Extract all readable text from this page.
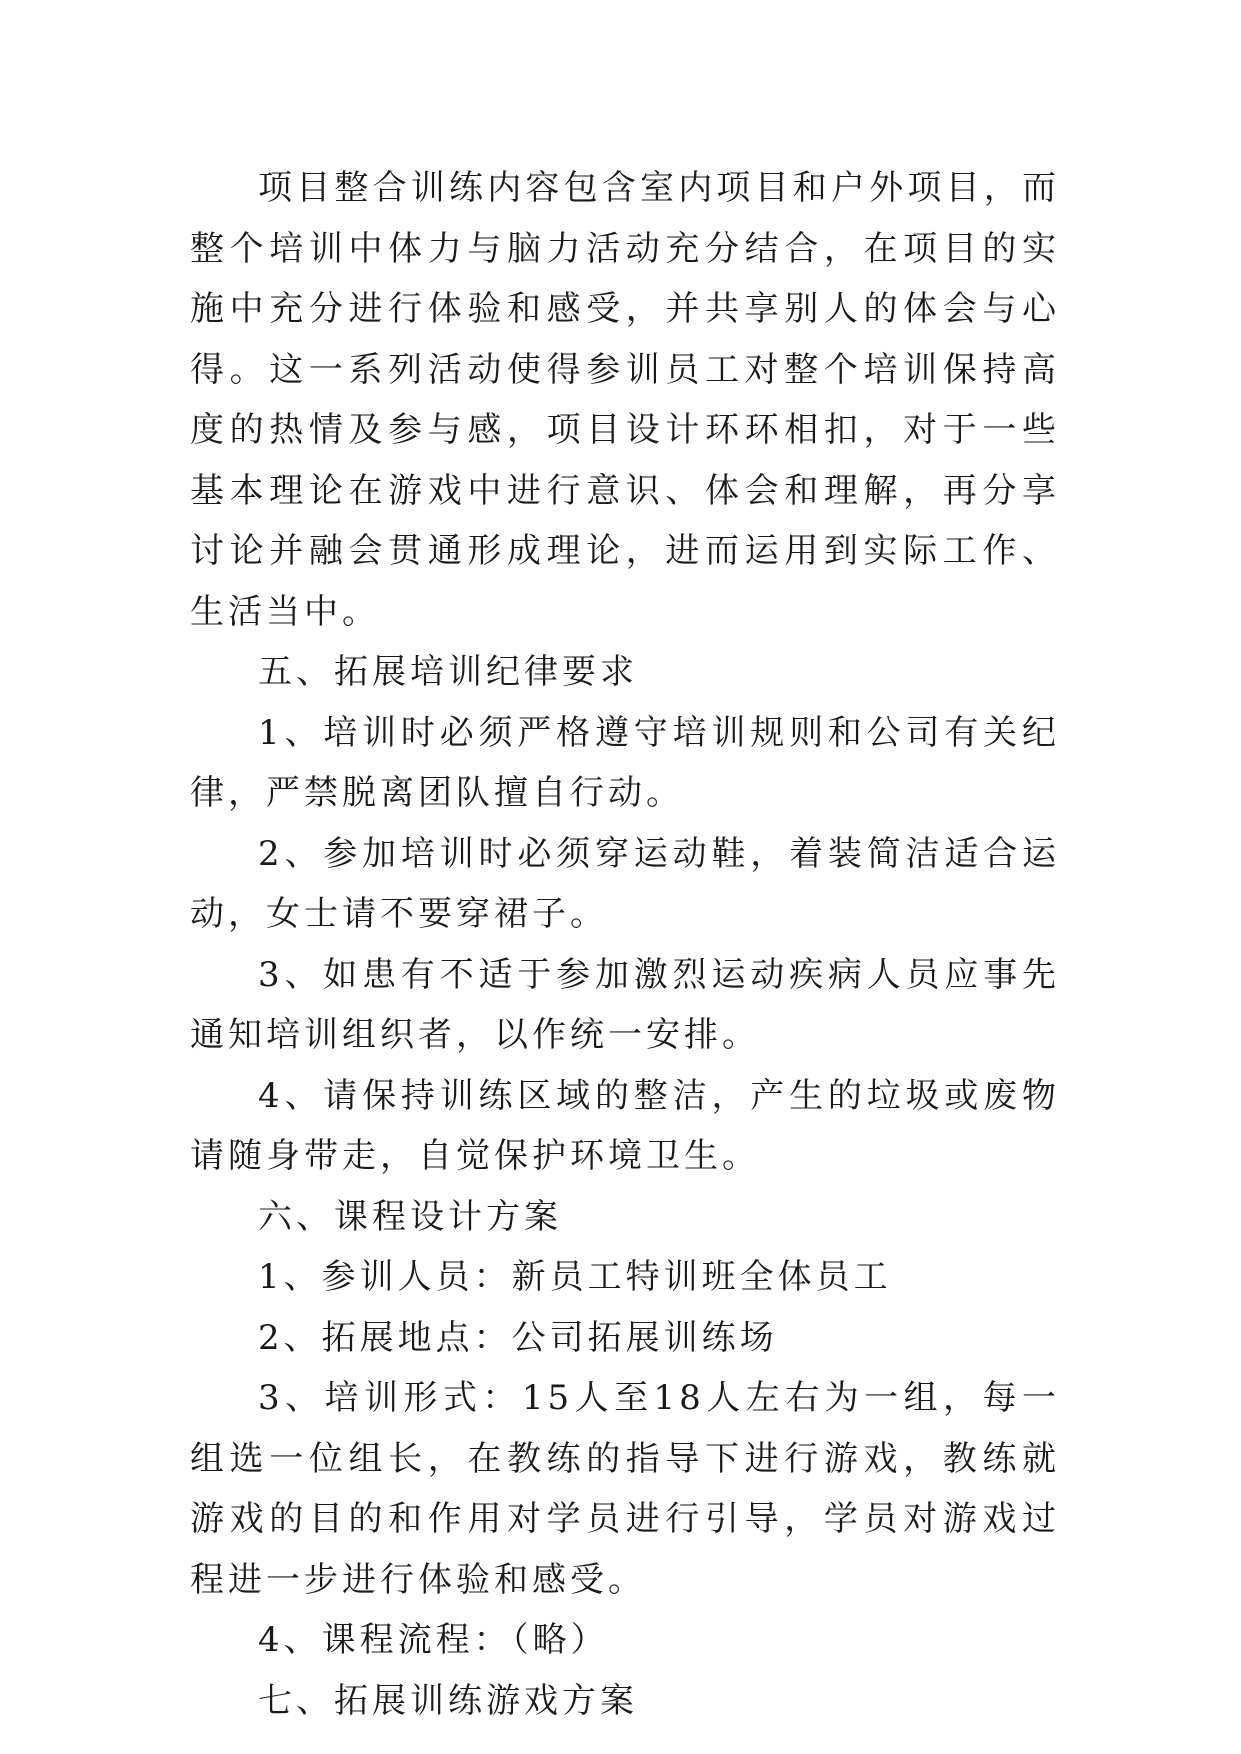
项目整合训练内容包含室内项目和户外项目，而整个培训中体力与脑力活动充分结合，在项目的实施中充分进行体验和感受，并共享别人的体会与心得。这一系列活动使得参训员工对整个培训保持高度的热情及参与感，项目设计环环相扣，对于一些基本理论在游戏中进行意识、体会和理解，再分享讨论并融会贯通形成理论，进而运用到实际工作、生活当中。

五、拓展培训纪律要求

1、培训时必须严格遵守培训规则和公司有关纪律，严禁脱离团队擅自行动。

2、参加培训时必须穿运动鞋，着装简洁适合运动，女士请不要穿裙子。

3、如患有不适于参加激烈运动疾病人员应事先通知培训组织者，以作统一安排。

4、请保持训练区域的整洁，产生的垃圾或废物请随身带走，自觉保护环境卫生。

六、课程设计方案

1、参训人员：新员工特训班全体员工

2、拓展地点：公司拓展训练场

3、培训形式：15人至18人左右为一组，每一组选一位组长，在教练的指导下进行游戏，教练就游戏的目的和作用对学员进行引导，学员对游戏过程进一步进行体验和感受。

4、课程流程：（略）

七、拓展训练游戏方案
